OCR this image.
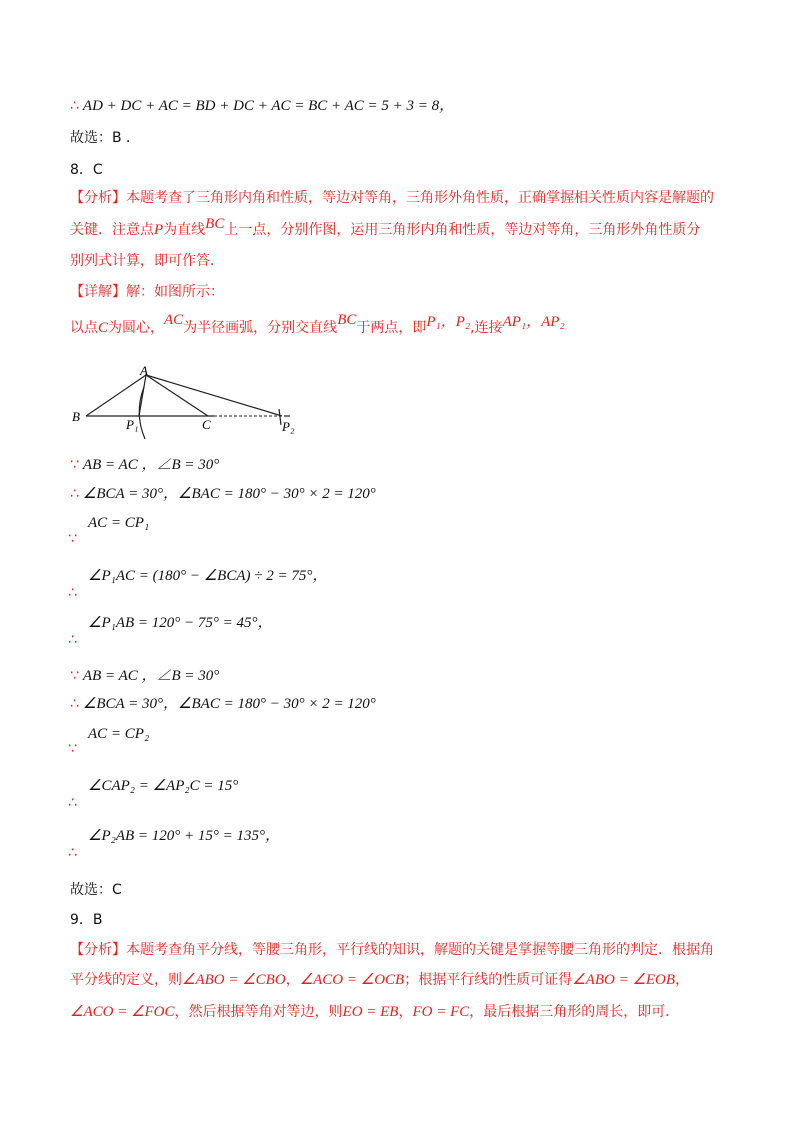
∴ AD + DC + AC = BD + DC + AC = BC + AC = 5 + 3 = 8，
故选：B ．
8．C
【分析】本题考查了三角形内角和性质，等边对等角，三角形外角性质，正确掌握相关性质内容是解题的
关键．注意点P为直线BC上一点，分别作图，运用三角形内角和性质，等边对等角，三角形外角性质分
别列式计算，即可作答．
【详解】解：如图所示：
以点C为圆心，AC为半径画弧，分别交直线BC于两点，即P₁，P₂,连接AP₁，AP₂
A
B
C
P₁	P₂
∵ AB = AC ，∠B = 30°
∴ ∠BCA = 30°，∠BAC = 180° − 30° × 2 = 120°
AC = CP₁
∵
∠P₁AC = (180° − ∠BCA) ÷ 2 = 75°，
∴
∠P₁AB = 120° − 75° = 45°，
∴
∵ AB = AC ，∠B = 30°
∴ ∠BCA = 30°，∠BAC = 180° − 30° × 2 = 120°
AC = CP₂
∵
∠CAP₂ = ∠AP₂C = 15°
∴
∠P₂AB = 120° + 15° = 135°，
∴
故选：C
9．B
【分析】本题考查角平分线，等腰三角形，平行线的知识，解题的关键是掌握等腰三角形的判定．根据角
平分线的定义，则∠ABO = ∠CBO，∠ACO = ∠OCB；根据平行线的性质可证得∠ABO = ∠EOB，
∠ACO = ∠FOC，然后根据等角对等边，则EO = EB，FO = FC，最后根据三角形的周长，即可．
